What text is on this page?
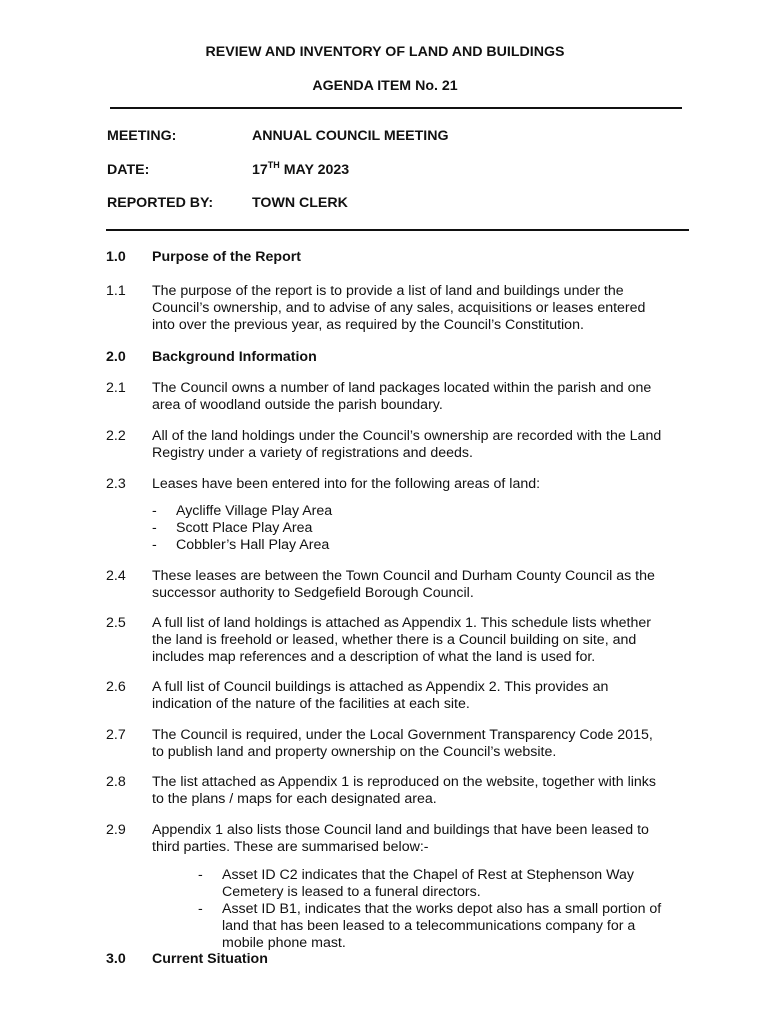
REVIEW AND INVENTORY OF LAND AND BUILDINGS
AGENDA ITEM No. 21
MEETING:	ANNUAL COUNCIL MEETING
DATE:	17TH MAY 2023
REPORTED BY:	TOWN CLERK
1.0 Purpose of the Report
1.1 The purpose of the report is to provide a list of land and buildings under the
Council’s ownership, and to advise of any sales, acquisitions or leases entered
into over the previous year, as required by the Council’s Constitution.
2.0 Background Information
2.1 The Council owns a number of land packages located within the parish and one
area of woodland outside the parish boundary.
2.2 All of the land holdings under the Council’s ownership are recorded with the Land
Registry under a variety of registrations and deeds.
2.3 Leases have been entered into for the following areas of land:
- Aycliffe Village Play Area
- Scott Place Play Area
- Cobbler’s Hall Play Area
2.4 These leases are between the Town Council and Durham County Council as the
successor authority to Sedgefield Borough Council.
2.5 A full list of land holdings is attached as Appendix 1. This schedule lists whether
the land is freehold or leased, whether there is a Council building on site, and
includes map references and a description of what the land is used for.
2.6 A full list of Council buildings is attached as Appendix 2. This provides an
indication of the nature of the facilities at each site.
2.7 The Council is required, under the Local Government Transparency Code 2015,
to publish land and property ownership on the Council’s website.
2.8 The list attached as Appendix 1 is reproduced on the website, together with links
to the plans / maps for each designated area.
2.9 Appendix 1 also lists those Council land and buildings that have been leased to
third parties. These are summarised below:-
- Asset ID C2 indicates that the Chapel of Rest at Stephenson Way
Cemetery is leased to a funeral directors.
- Asset ID B1, indicates that the works depot also has a small portion of
land that has been leased to a telecommunications company for a
mobile phone mast.
3.0 Current Situation
